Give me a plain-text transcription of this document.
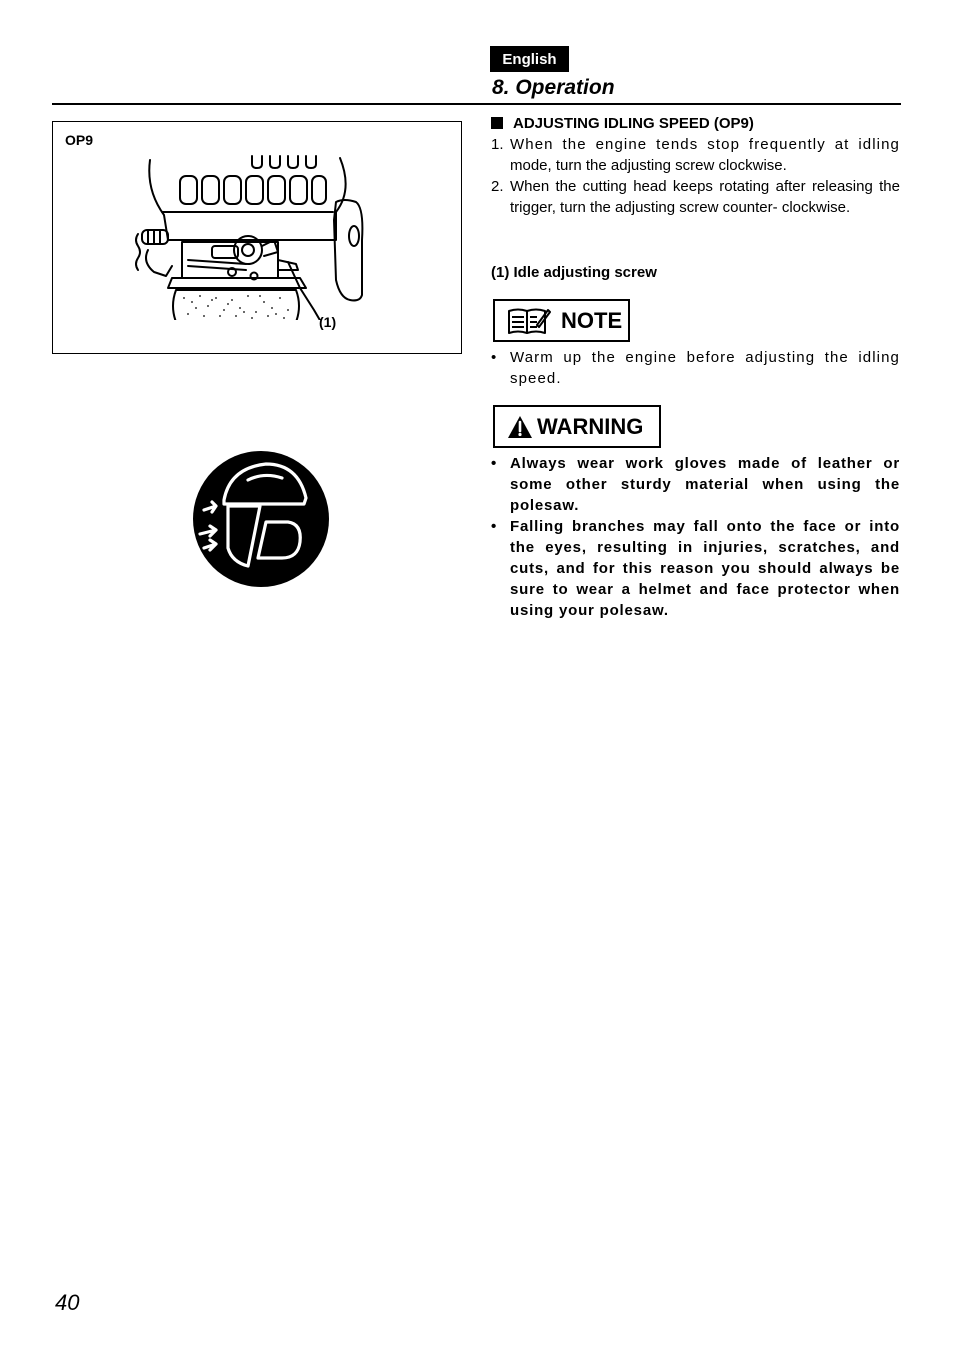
English
8. Operation
OP9
(1)
ADJUSTING IDLING SPEED (OP9)
1. When the engine tends stop frequently at idling mode, turn the adjusting screw clockwise.
2. When the cutting head keeps rotating after releasing the trigger, turn the adjusting screw counter- clockwise.
(1) Idle adjusting screw
NOTE
• Warm up the engine before adjusting the idling speed.
WARNING
• Always wear work gloves made of leather or some other sturdy material when using the polesaw.
• Falling branches may fall onto the face or into the eyes, resulting in injuries, scratches, and cuts, and for this reason you should always be sure to wear a helmet and face protector when using your polesaw.
40
